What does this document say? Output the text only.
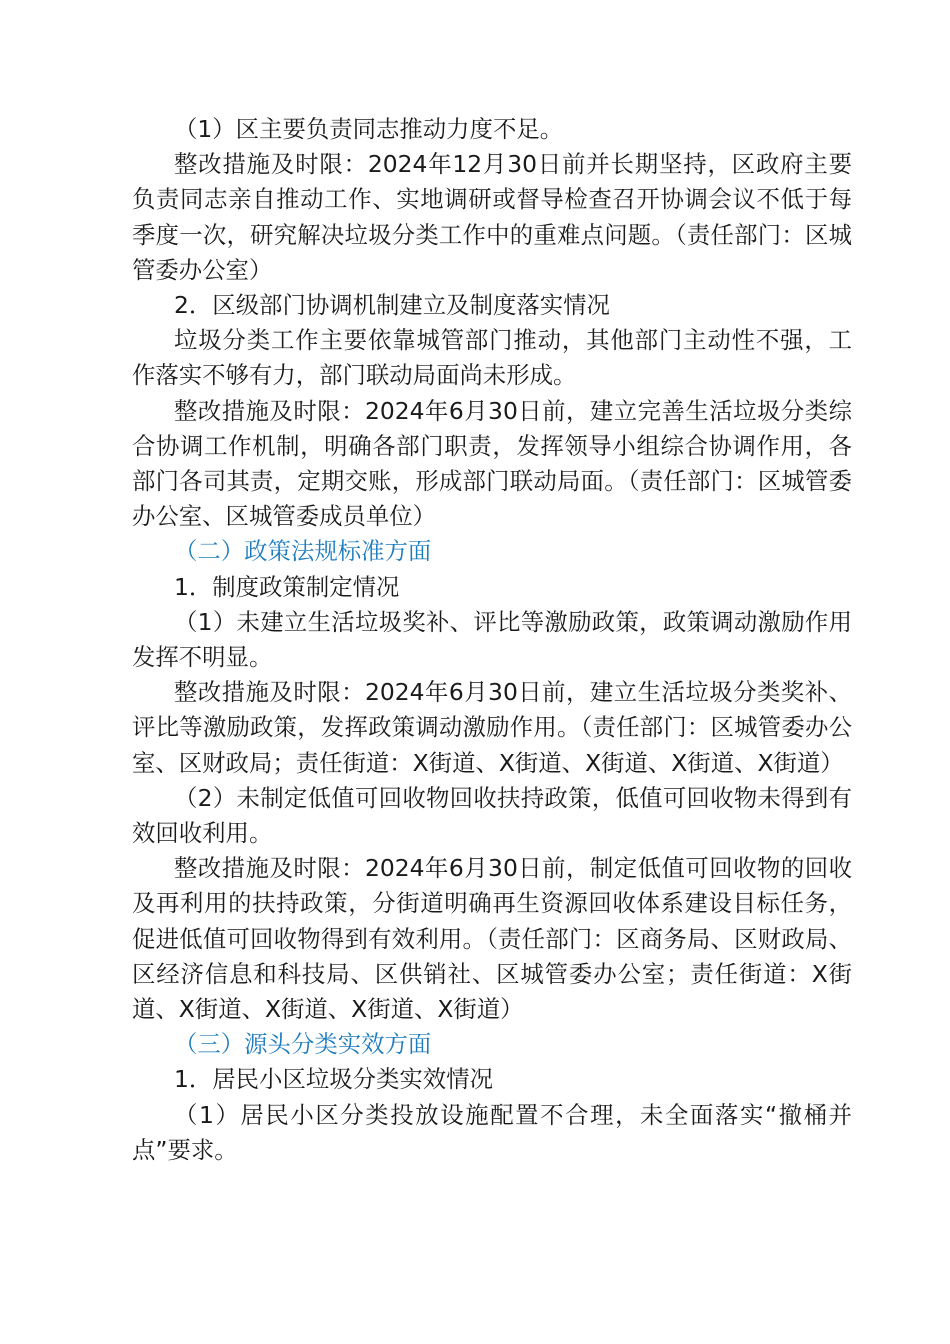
（1）区主要负责同志推动力度不足。

整改措施及时限：2024年12月30日前并长期坚持，区政府主要负责同志亲自推动工作、实地调研或督导检查召开协调会议不低于每季度一次，研究解决垃圾分类工作中的重难点问题。（责任部门：区城管委办公室）

2．区级部门协调机制建立及制度落实情况

垃圾分类工作主要依靠城管部门推动，其他部门主动性不强，工作落实不够有力，部门联动局面尚未形成。

整改措施及时限：2024年6月30日前，建立完善生活垃圾分类综合协调工作机制，明确各部门职责，发挥领导小组综合协调作用，各部门各司其责，定期交账，形成部门联动局面。（责任部门：区城管委办公室、区城管委成员单位）

（二）政策法规标准方面

1．制度政策制定情况

（1）未建立生活垃圾奖补、评比等激励政策，政策调动激励作用发挥不明显。

整改措施及时限：2024年6月30日前，建立生活垃圾分类奖补、评比等激励政策，发挥政策调动激励作用。（责任部门：区城管委办公室、区财政局；责任街道：X街道、X街道、X街道、X街道、X街道）

（2）未制定低值可回收物回收扶持政策，低值可回收物未得到有效回收利用。

整改措施及时限：2024年6月30日前，制定低值可回收物的回收及再利用的扶持政策，分街道明确再生资源回收体系建设目标任务，促进低值可回收物得到有效利用。（责任部门：区商务局、区财政局、区经济信息和科技局、区供销社、区城管委办公室；责任街道：X街道、X街道、X街道、X街道、X街道）

（三）源头分类实效方面

1．居民小区垃圾分类实效情况

（1）居民小区分类投放设施配置不合理，未全面落实“撤桶并点”要求。
